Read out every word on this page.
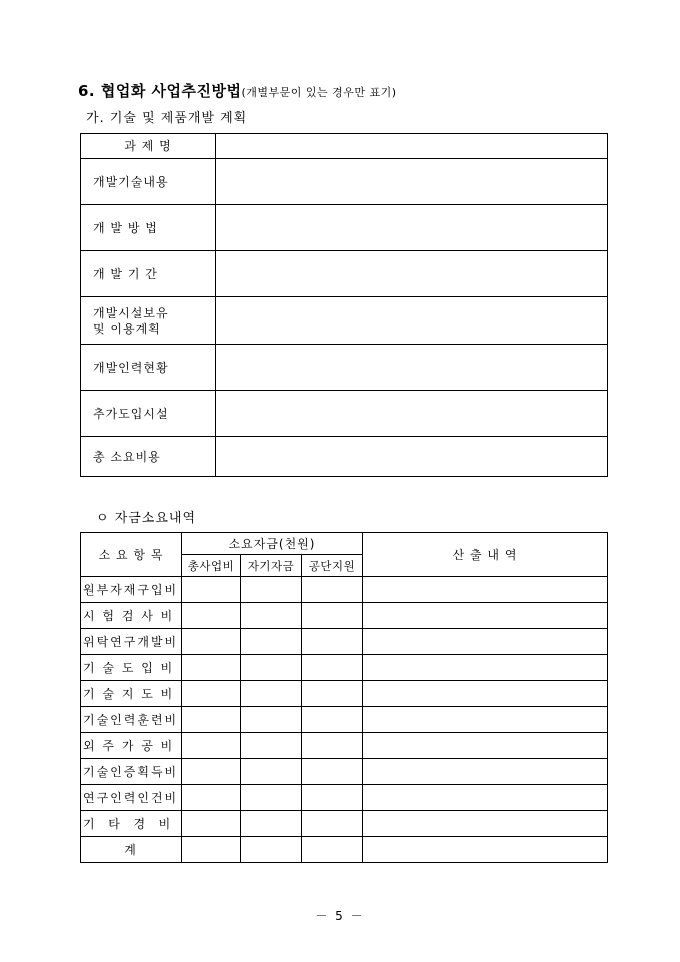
6. 협업화 사업추진방법(개별부문이 있는 경우만 표기)
가. 기술 및 제품개발 계획
과 제 명	
개발기술내용	
개 발 방 법	
개 발 기 간	

개발시설보유
및 이용계획	

개발인력현황	
추가도입시설	
총 소요비용	
ㅇ 자금소요내역
소 요 항 목	소요자금(천원)			산 출 내 역
	총사업비	자기자금	공단지원	
원부자재구입비				
시 험 검 사 비				
위탁연구개발비				
기 술 도 입 비				
기 술 지 도 비				
기술인력훈련비				
외 주 가 공 비				
기술인증획득비				
연구인력인건비				
기  타  경  비				
계				
－ 5 －
